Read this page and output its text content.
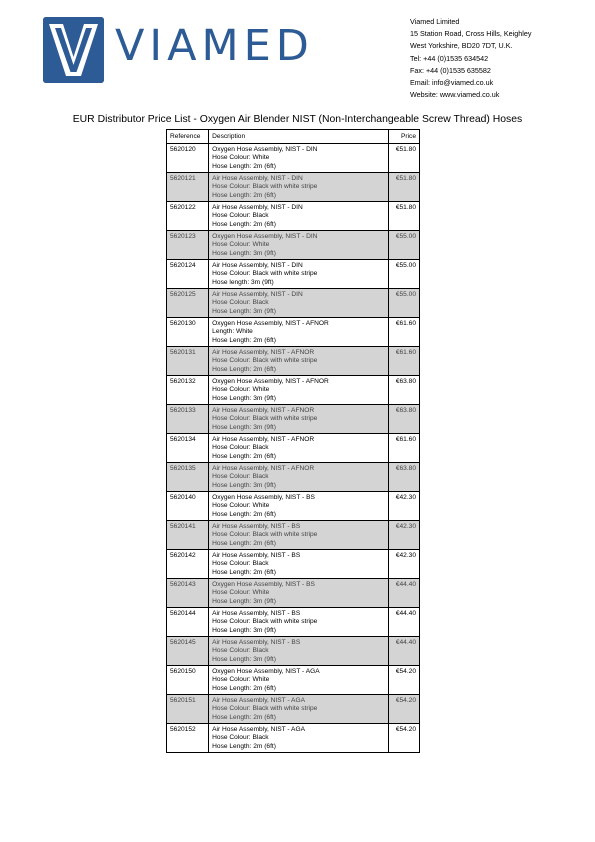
VIAMED	Viamed Limited
15 Station Road, Cross Hills, Keighley
West Yorkshire, BD20 7DT, U.K.
Tel: +44 (0)1535 634542
Fax: +44 (0)1535 635582
Email: info@viamed.co.uk
Website: www.viamed.co.uk
EUR Distributor Price List - Oxygen Air Blender NIST (Non-Interchangeable Screw Thread) Hoses
Reference	Description	Price
5620120	Oxygen Hose Assembly, NIST - DIN
Hose Colour: White
Hose Length: 2m (6ft)	€51.80
5620121	Air Hose Assembly, NIST - DIN
Hose Colour: Black with white stripe
Hose Length: 2m (6ft)	€51.80
5620122	Air Hose Assembly, NIST - DIN
Hose Colour: Black
Hose Length: 2m (6ft)	€51.80
5620123	Oxygen Hose Assembly, NIST - DIN
Hose Colour: White
Hose Length: 3m (9ft)	€55.00
5620124	Air Hose Assembly, NIST - DIN
Hose Colour: Black with white stripe
Hose length: 3m (9ft)	€55.00
5620125	Air Hose Assembly, NIST - DIN
Hose Colour: Black
Hose Length: 3m (9ft)	€55.00
5620130	Oxygen Hose Assembly, NIST - AFNOR
Length: White
Hose Length: 2m (6ft)	€61.60
5620131	Air Hose Assembly, NIST - AFNOR
Hose Colour: Black with white stripe
Hose Length: 2m (6ft)	€61.60
5620132	Oxygen Hose Assembly, NIST - AFNOR
Hose Colour: White
Hose Length: 3m (9ft)	€63.80
5620133	Air Hose Assembly, NIST - AFNOR
Hose Colour: Black with white stripe
Hose Length: 3m (9ft)	€63.80
5620134	Air Hose Assembly, NIST - AFNOR
Hose Colour: Black
Hose Length: 2m (6ft)	€61.60
5620135	Air Hose Assembly, NIST - AFNOR
Hose Colour: Black
Hose Length: 3m (9ft)	€63.80
5620140	Oxygen Hose Assembly, NIST - BS
Hose Colour: White
Hose Length: 2m (6ft)	€42.30
5620141	Air Hose Assembly, NIST - BS
Hose Colour: Black with white stripe
Hose Length: 2m (6ft)	€42.30
5620142	Air Hose Assembly, NIST - BS
Hose Colour: Black
Hose Length: 2m (6ft)	€42.30
5620143	Oxygen Hose Assembly, NIST - BS
Hose Colour: White
Hose Length: 3m (9ft)	€44.40
5620144	Air Hose Assembly, NIST - BS
Hose Colour: Black with white stripe
Hose Length: 3m (9ft)	€44.40
5620145	Air Hose Assembly, NIST - BS
Hose Colour: Black
Hose Length: 3m (9ft)	€44.40
5620150	Oxygen Hose Assembly, NIST - AGA
Hose Colour: White
Hose Length: 2m (6ft)	€54.20
5620151	Air Hose Assembly, NIST - AGA
Hose Colour: Black with white stripe
Hose Length: 2m (6ft)	€54.20
5620152	Air Hose Assembly, NIST - AGA
Hose Colour: Black
Hose Length: 2m (6ft)	€54.20
